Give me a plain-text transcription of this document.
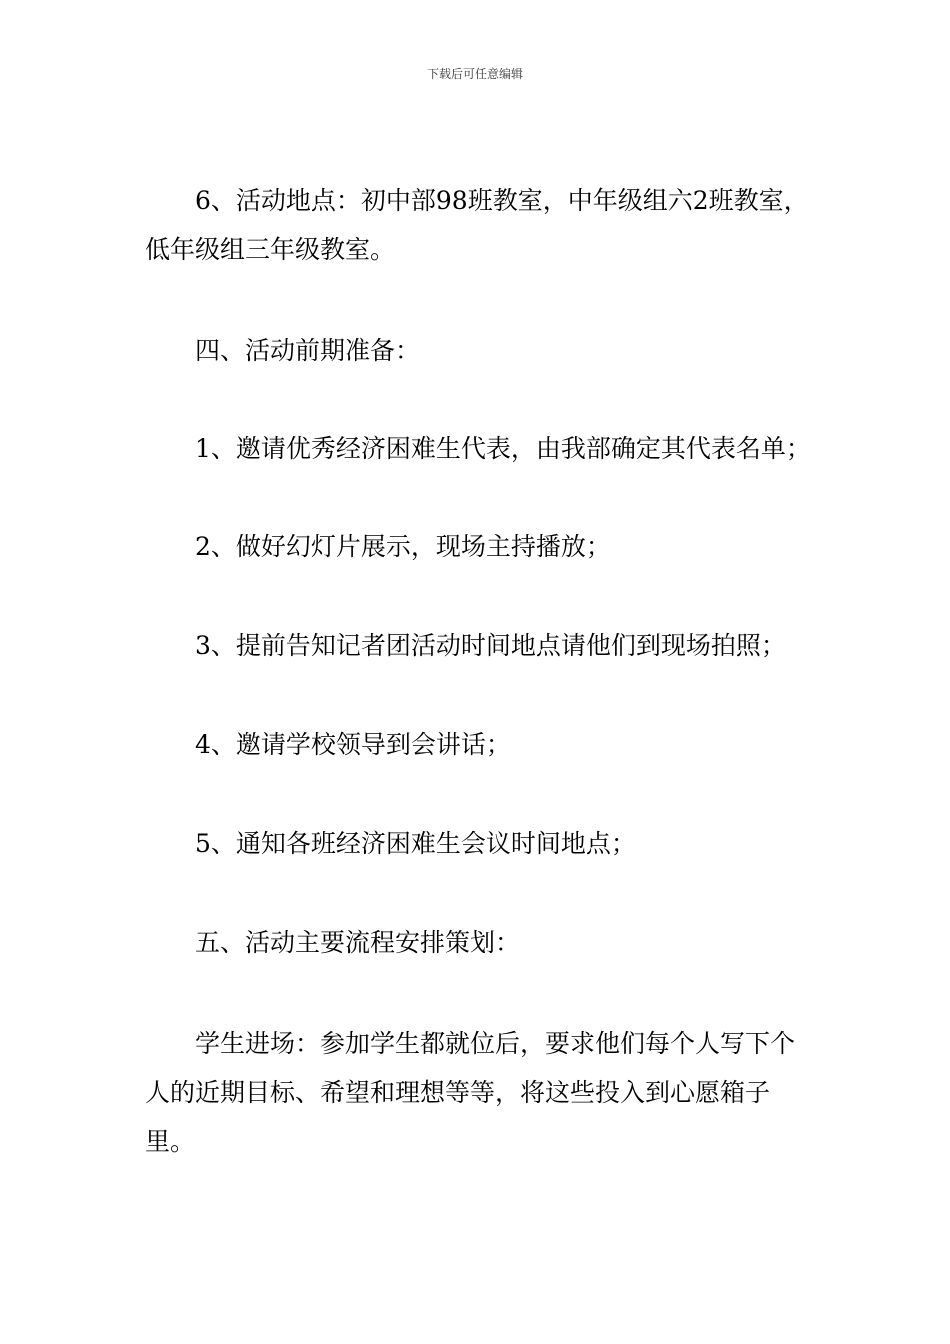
下载后可任意编辑

6、活动地点：初中部98班教室，中年级组六2班教室，低年级组三年级教室。

四、活动前期准备：

1、邀请优秀经济困难生代表，由我部确定其代表名单；

2、做好幻灯片展示，现场主持播放；

3、提前告知记者团活动时间地点请他们到现场拍照；

4、邀请学校领导到会讲话；

5、通知各班经济困难生会议时间地点；

五、活动主要流程安排策划：

学生进场：参加学生都就位后，要求他们每个人写下个人的近期目标、希望和理想等等，将这些投入到心愿箱子里。
